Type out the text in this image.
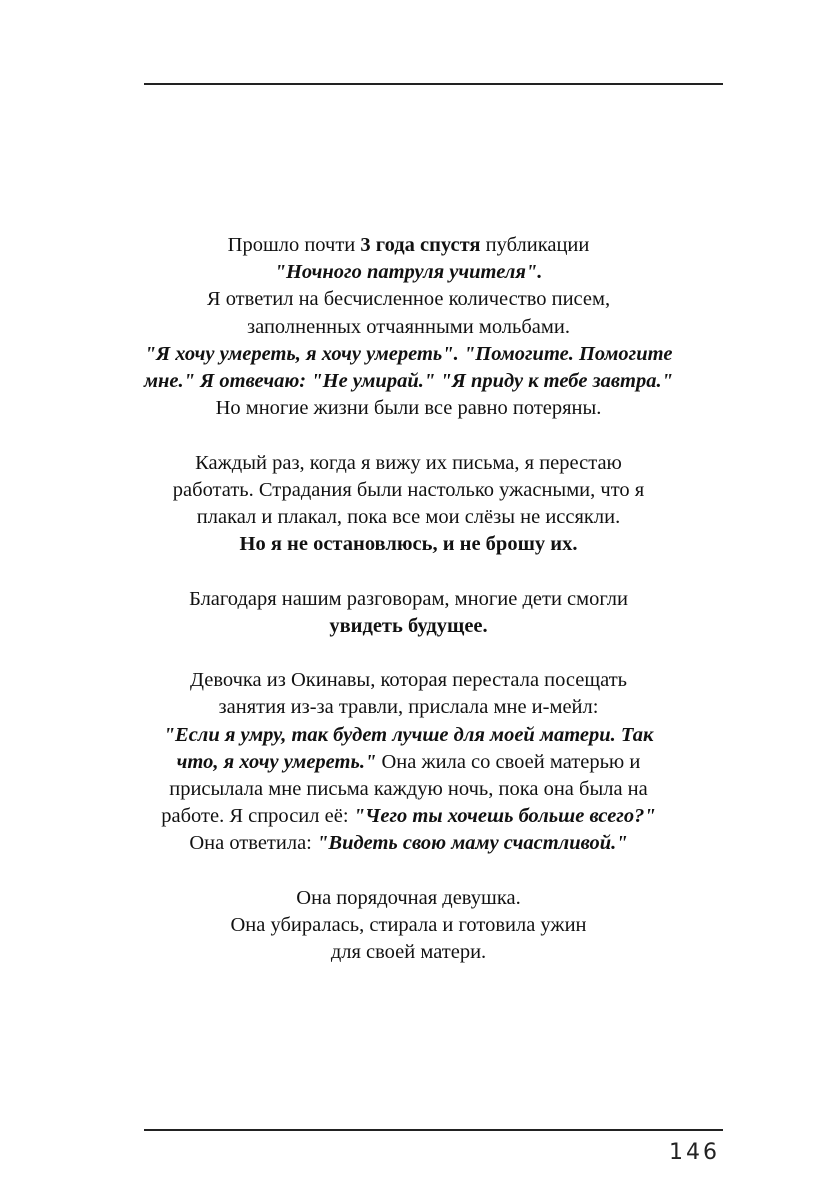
Прошло почти 3 года спустя публикации
"Ночного патруля учителя".
Я ответил на бесчисленное количество писем,
заполненных отчаянными мольбами.
"Я хочу умереть, я хочу умереть". "Помогите. Помогите
мне." Я отвечаю: "Не умирай." "Я приду к тебе завтра."
Но многие жизни были все равно потеряны.

Каждый раз, когда я вижу их письма, я перестаю
работать. Страдания были настолько ужасными, что я
плакал и плакал, пока все мои слёзы не иссякли.
Но я не остановлюсь, и не брошу их.

Благодаря нашим разговорам, многие дети смогли
увидеть будущее.

Девочка из Окинавы, которая перестала посещать
занятия из-за травли, прислала мне и-мейл:
"Если я умру, так будет лучше для моей матери. Так
что, я хочу умереть." Она жила со своей матерью и
присылала мне письма каждую ночь, пока она была на
работе. Я спросил её: "Чего ты хочешь больше всего?"
Она ответила: "Видеть свою маму счастливой."

Она порядочная девушка.
Она убиралась, стирала и готовила ужин
для своей матери.

146
